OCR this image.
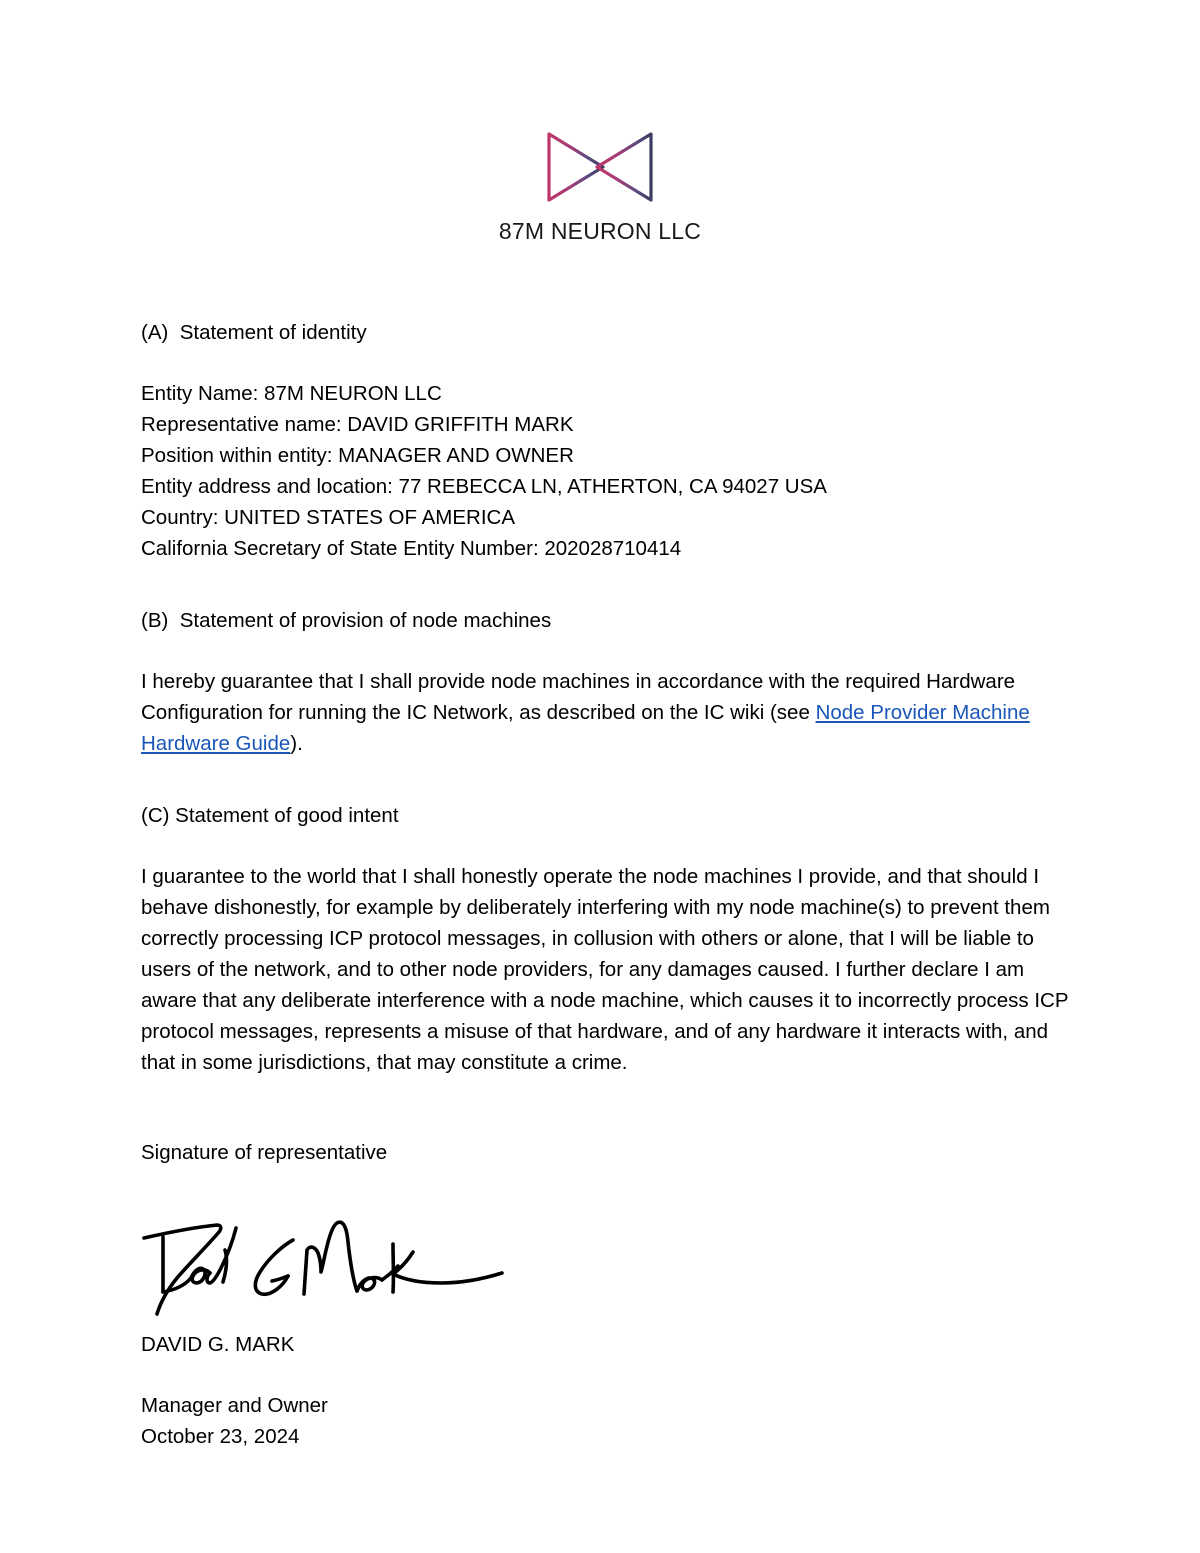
87M NEURON LLC
(A)  Statement of identity
Entity Name: 87M NEURON LLC
Representative name: DAVID GRIFFITH MARK
Position within entity: MANAGER AND OWNER
Entity address and location: 77 REBECCA LN, ATHERTON, CA 94027 USA
Country: UNITED STATES OF AMERICA
California Secretary of State Entity Number: 202028710414
(B)  Statement of provision of node machines
I hereby guarantee that I shall provide node machines in accordance with the required Hardware Configuration for running the IC Network, as described on the IC wiki (see Node Provider Machine Hardware Guide).
(C) Statement of good intent
I guarantee to the world that I shall honestly operate the node machines I provide, and that should I behave dishonestly, for example by deliberately interfering with my node machine(s) to prevent them correctly processing ICP protocol messages, in collusion with others or alone, that I will be liable to users of the network, and to other node providers, for any damages caused. I further declare I am aware that any deliberate interference with a node machine, which causes it to incorrectly process ICP protocol messages, represents a misuse of that hardware, and of any hardware it interacts with, and that in some jurisdictions, that may constitute a crime.
Signature of representative
DAVID G. MARK
Manager and Owner
October 23, 2024
